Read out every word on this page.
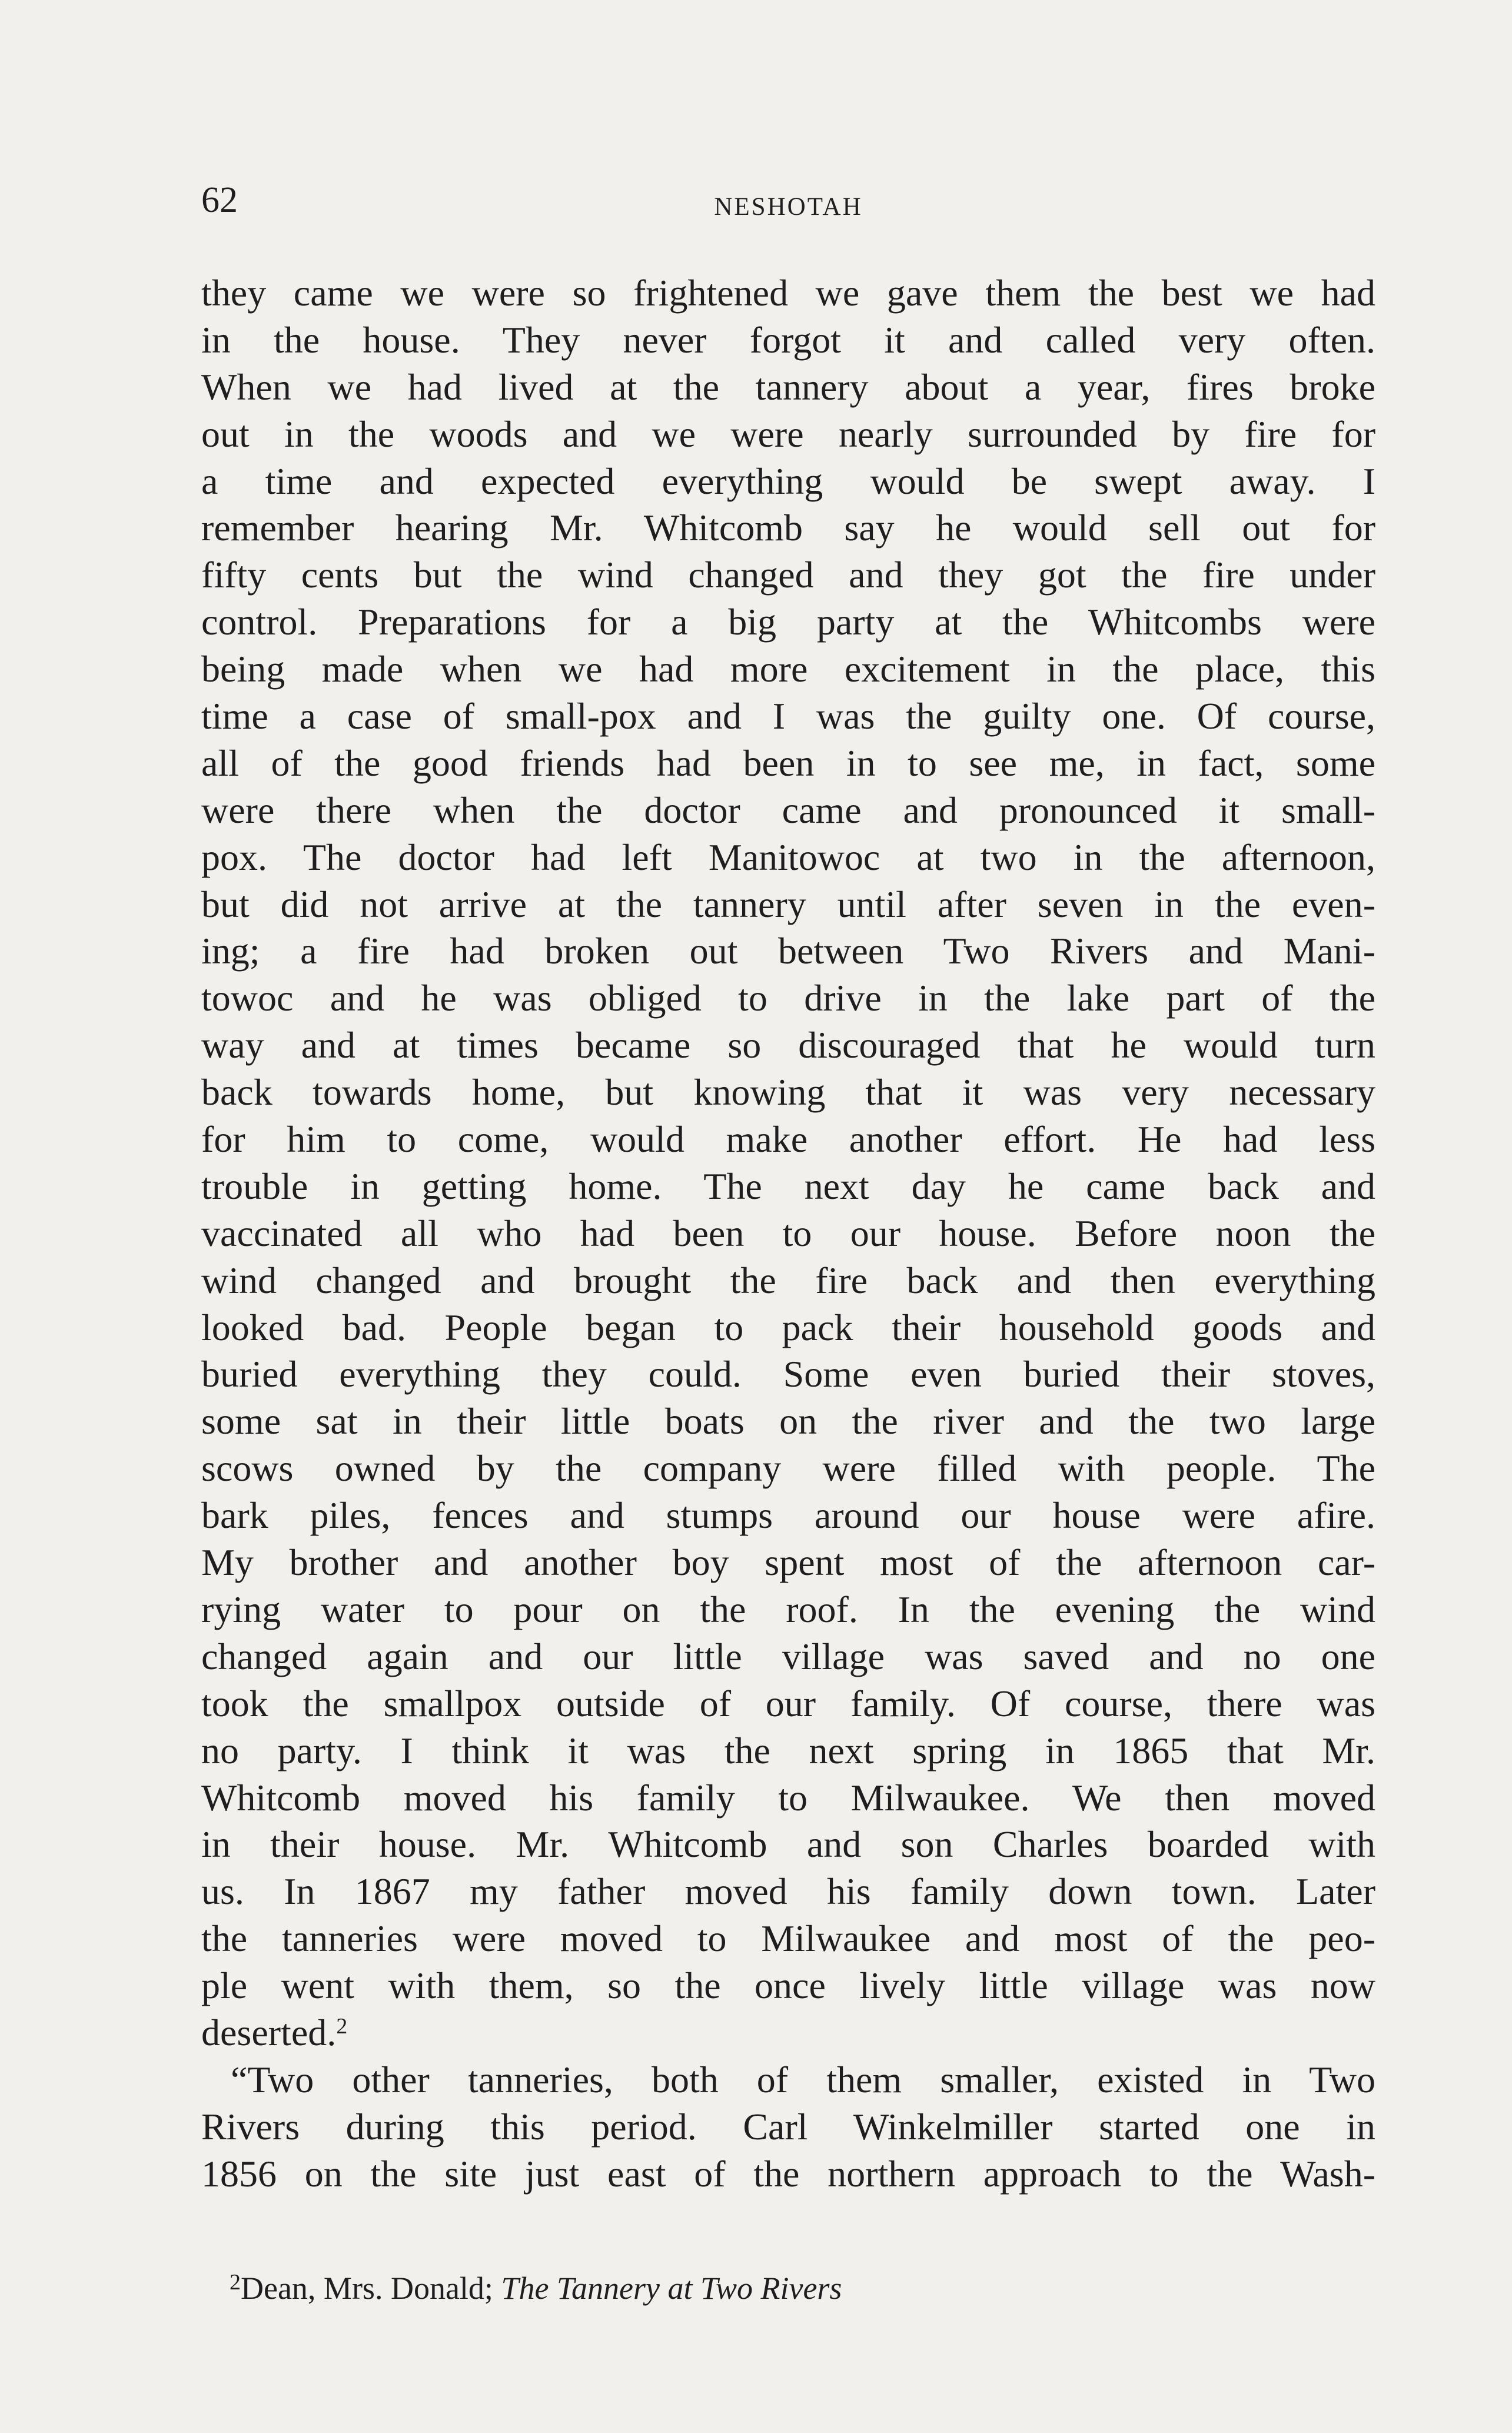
62	NESHOTAH
they came we were so frightened we gave them the best we had
in the house. They never forgot it and called very often.
When we had lived at the tannery about a year, fires broke
out in the woods and we were nearly surrounded by fire for
a time and expected everything would be swept away. I
remember hearing Mr. Whitcomb say he would sell out for
fifty cents but the wind changed and they got the fire under
control. Preparations for a big party at the Whitcombs were
being made when we had more excitement in the place, this
time a case of small-pox and I was the guilty one. Of course,
all of the good friends had been in to see me, in fact, some
were there when the doctor came and pronounced it small-
pox. The doctor had left Manitowoc at two in the afternoon,
but did not arrive at the tannery until after seven in the even-
ing; a fire had broken out between Two Rivers and Mani-
towoc and he was obliged to drive in the lake part of the
way and at times became so discouraged that he would turn
back towards home, but knowing that it was very necessary
for him to come, would make another effort. He had less
trouble in getting home. The next day he came back and
vaccinated all who had been to our house. Before noon the
wind changed and brought the fire back and then everything
looked bad. People began to pack their household goods and
buried everything they could. Some even buried their stoves,
some sat in their little boats on the river and the two large
scows owned by the company were filled with people. The
bark piles, fences and stumps around our house were afire.
My brother and another boy spent most of the afternoon car-
rying water to pour on the roof. In the evening the wind
changed again and our little village was saved and no one
took the smallpox outside of our family. Of course, there was
no party. I think it was the next spring in 1865 that Mr.
Whitcomb moved his family to Milwaukee. We then moved
in their house. Mr. Whitcomb and son Charles boarded with
us. In 1867 my father moved his family down town. Later
the tanneries were moved to Milwaukee and most of the peo-
ple went with them, so the once lively little village was now
deserted.$^2$
“Two other tanneries, both of them smaller, existed in Two
Rivers during this period. Carl Winkelmiller started one in
1856 on the site just east of the northern approach to the Wash-
$^2$Dean, Mrs. Donald; The Tannery at Two Rivers
